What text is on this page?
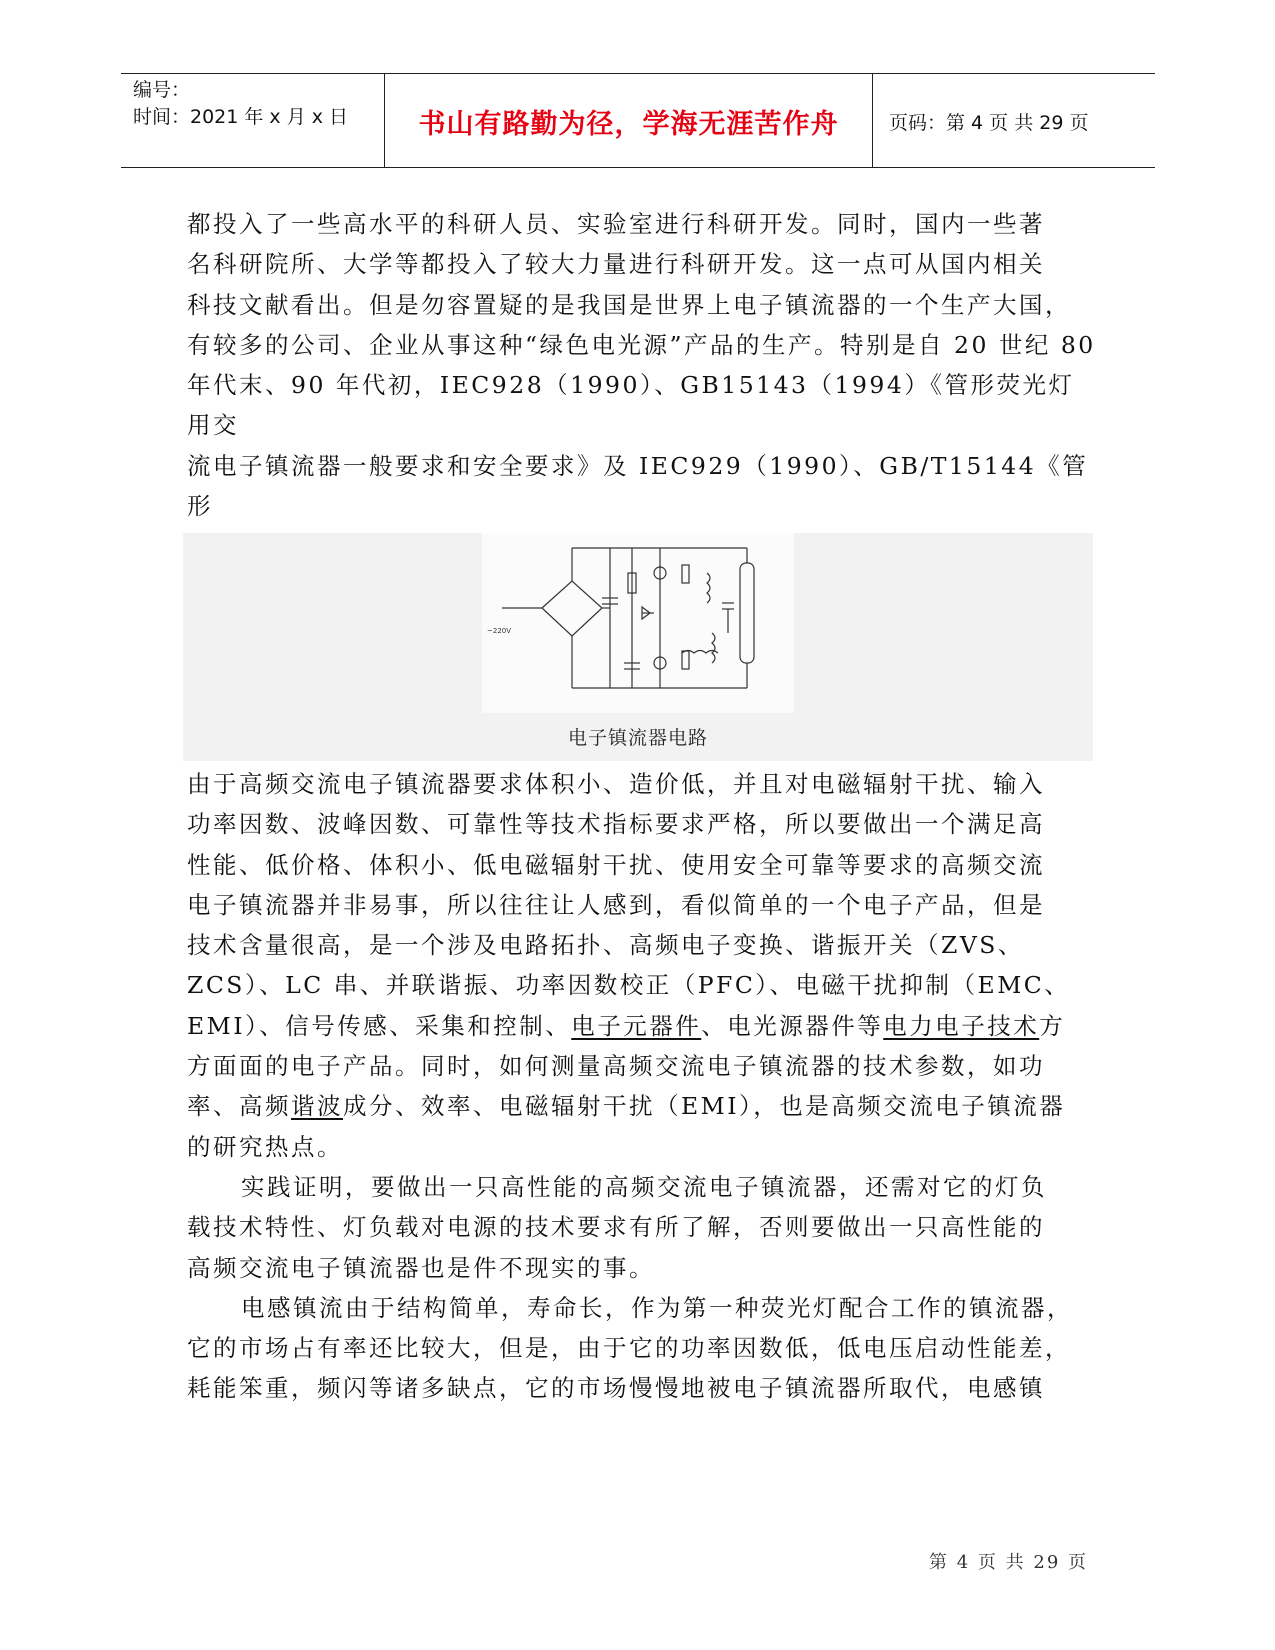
编号：
时间：2021 年 x 月 x 日	书山有路勤为径，学海无涯苦作舟	页码：第 4 页 共 29 页

都投入了一些高水平的科研人员、实验室进行科研开发。同时，国内一些著

名科研院所、大学等都投入了较大力量进行科研开发。这一点可从国内相关

科技文献看出。但是勿容置疑的是我国是世界上电子镇流器的一个生产大国，

有较多的公司、企业从事这种“绿色电光源”产品的生产。特别是自 20 世纪 80

年代末、90 年代初，IEC928（1990）、GB15143（1994）《管形荧光灯用交

流电子镇流器一般要求和安全要求》及 IEC929（1990）、GB/T15144《管形

~220V
电子镇流器电路

由于高频交流电子镇流器要求体积小、造价低，并且对电磁辐射干扰、输入

功率因数、波峰因数、可靠性等技术指标要求严格，所以要做出一个满足高

性能、低价格、体积小、低电磁辐射干扰、使用安全可靠等要求的高频交流

电子镇流器并非易事，所以往往让人感到，看似简单的一个电子产品，但是

技术含量很高，是一个涉及电路拓扑、高频电子变换、谐振开关（ZVS、

ZCS）、LC 串、并联谐振、功率因数校正（PFC）、电磁干扰抑制（EMC、

EMI）、信号传感、采集和控制、电子元器件、电光源器件等电力电子技术方

方面面的电子产品。同时，如何测量高频交流电子镇流器的技术参数，如功

率、高频谐波成分、效率、电磁辐射干扰（EMI），也是高频交流电子镇流器

的研究热点。

实践证明，要做出一只高性能的高频交流电子镇流器，还需对它的灯负

载技术特性、灯负载对电源的技术要求有所了解，否则要做出一只高性能的

高频交流电子镇流器也是件不现实的事。

电感镇流由于结构简单，寿命长，作为第一种荧光灯配合工作的镇流器，

它的市场占有率还比较大，但是，由于它的功率因数低，低电压启动性能差，

耗能笨重，频闪等诸多缺点，它的市场慢慢地被电子镇流器所取代，电感镇

第 4 页 共 29 页
